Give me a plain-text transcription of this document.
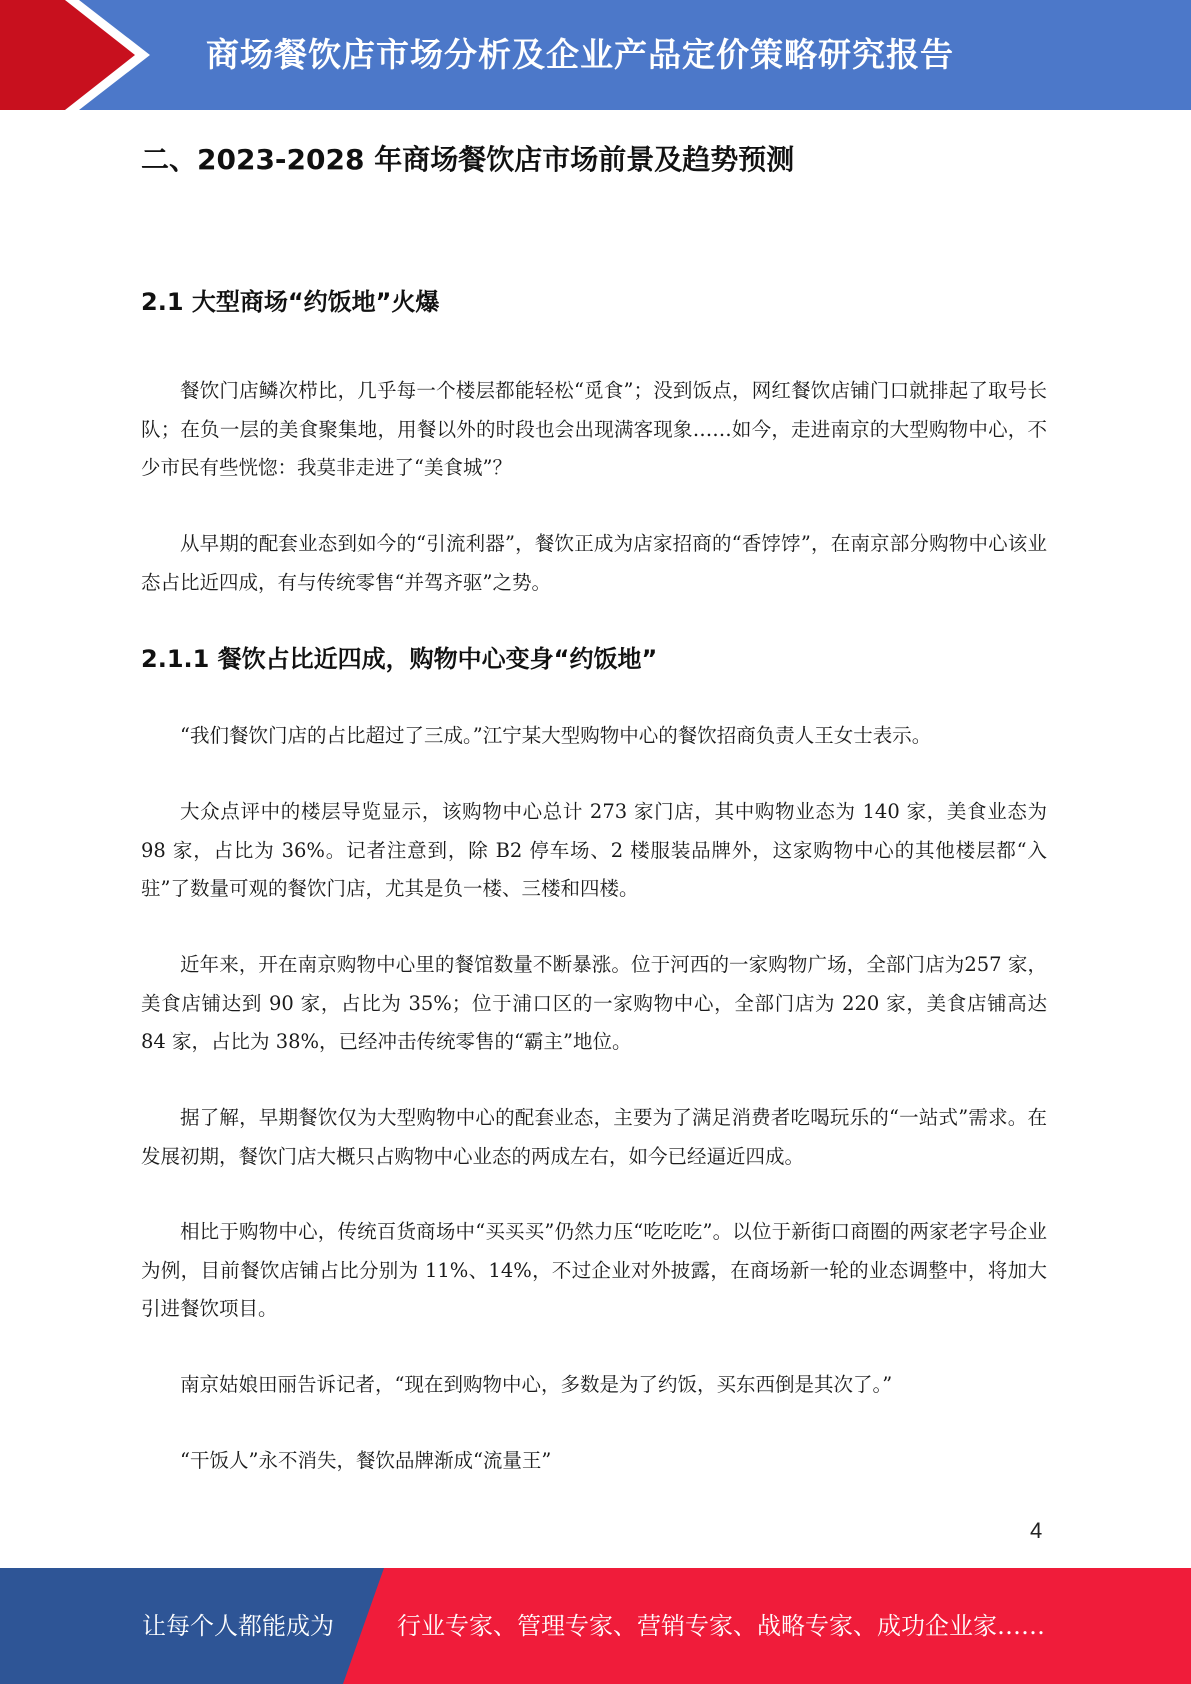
商场餐饮店市场分析及企业产品定价策略研究报告
二、2023-2028 年商场餐饮店市场前景及趋势预测
2.1 大型商场“约饭地”火爆
餐饮门店鳞次栉比，几乎每一个楼层都能轻松“觅食”；没到饭点，网红餐饮店铺门口就排起了取号长队；在负一层的美食聚集地，用餐以外的时段也会出现满客现象……如今，走进南京的大型购物中心，不少市民有些恍惚：我莫非走进了“美食城”？
从早期的配套业态到如今的“引流利器”，餐饮正成为店家招商的“香饽饽”，在南京部分购物中心该业态占比近四成，有与传统零售“并驾齐驱”之势。
2.1.1 餐饮占比近四成，购物中心变身“约饭地”
“我们餐饮门店的占比超过了三成。”江宁某大型购物中心的餐饮招商负责人王女士表示。
大众点评中的楼层导览显示，该购物中心总计 273 家门店，其中购物业态为 140 家，美食业态为 98 家，占比为 36%。记者注意到，除 B2 停车场、2 楼服装品牌外，这家购物中心的其他楼层都“入驻”了数量可观的餐饮门店，尤其是负一楼、三楼和四楼。
近年来，开在南京购物中心里的餐馆数量不断暴涨。位于河西的一家购物广场，全部门店为257 家，美食店铺达到 90 家，占比为 35%；位于浦口区的一家购物中心，全部门店为 220 家，美食店铺高达 84 家，占比为 38%，已经冲击传统零售的“霸主”地位。
据了解，早期餐饮仅为大型购物中心的配套业态，主要为了满足消费者吃喝玩乐的“一站式”需求。在发展初期，餐饮门店大概只占购物中心业态的两成左右，如今已经逼近四成。
相比于购物中心，传统百货商场中“买买买”仍然力压“吃吃吃”。以位于新街口商圈的两家老字号企业为例，目前餐饮店铺占比分别为 11%、14%，不过企业对外披露，在商场新一轮的业态调整中，将加大引进餐饮项目。
南京姑娘田丽告诉记者，“现在到购物中心，多数是为了约饭，买东西倒是其次了。”
“干饭人”永不消失，餐饮品牌渐成“流量王”
4
让每个人都能成为	行业专家、管理专家、营销专家、战略专家、成功企业家……
